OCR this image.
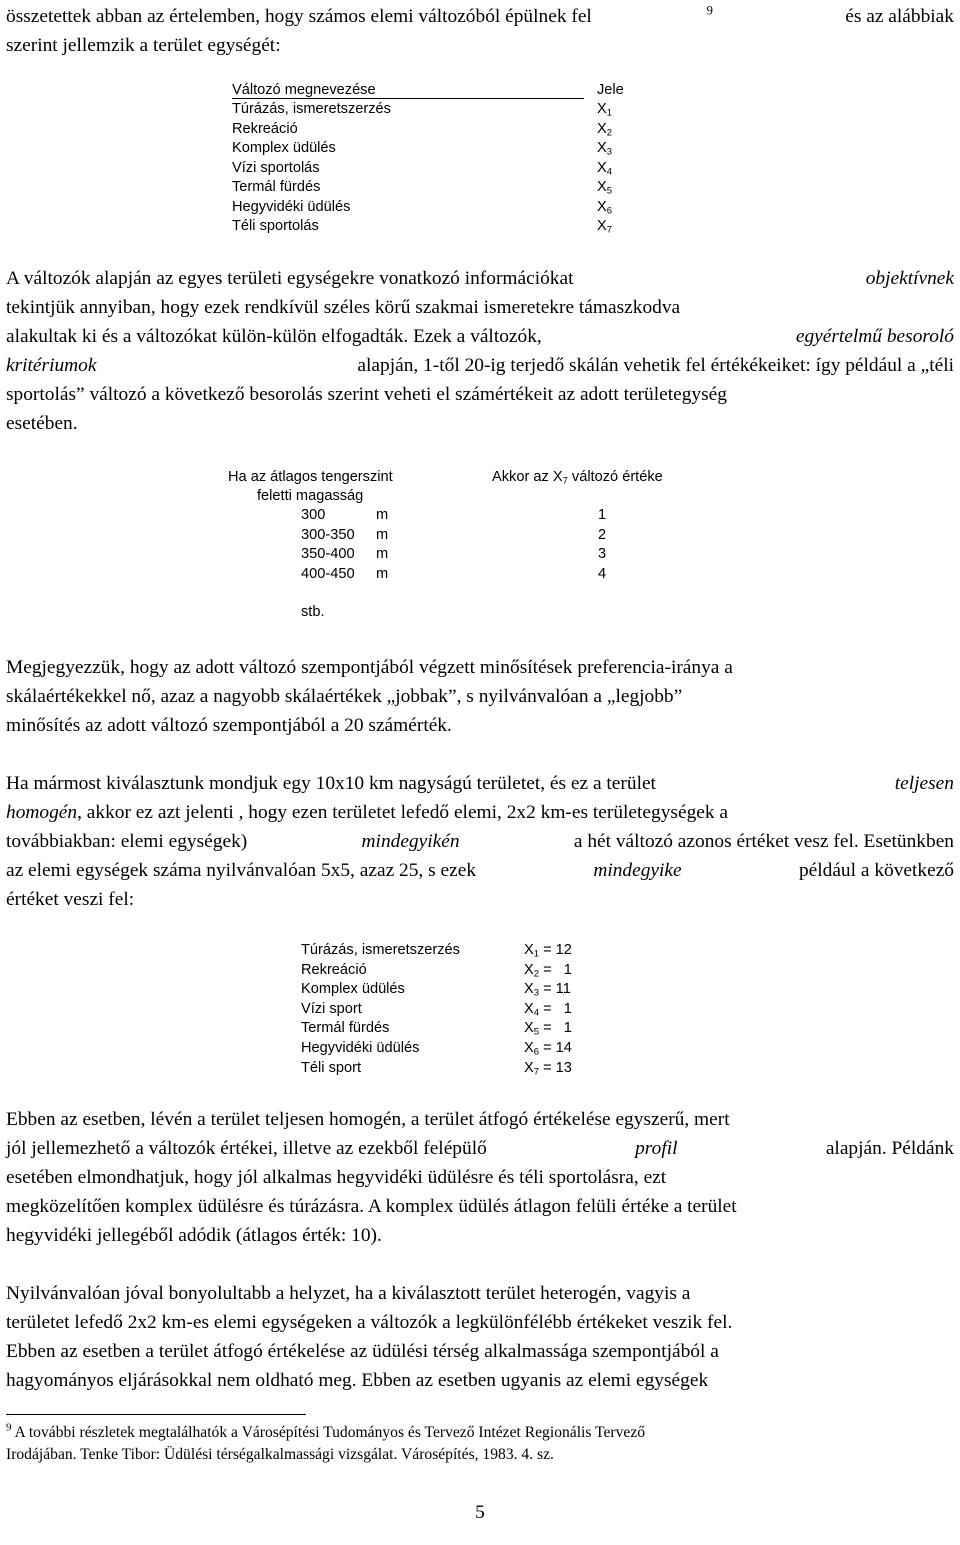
összetettek abban az értelemben, hogy számos elemi változóból épülnek fel	$^9$	és az alábbiak
szerint jellemzik a terület egységét:
Változó megnevezése	Jele
Túrázás, ismeretszerzés	$X_1$
Rekreáció	$X_2$
Komplex üdülés	$X_3$
Vízi sportolás	$X_4$
Termál fürdés	$X_5$
Hegyvidéki üdülés	$X_6$
Téli sportolás	$X_7$
A változók alapján az egyes területi egységekre vonatkozó információkat	objektívnek
tekintjük annyiban, hogy ezek rendkívül széles körű szakmai ismeretekre támaszkodva
alakultak ki és a változókat külön-külön elfogadták. Ezek a változók,	egyértelmű besoroló
kritériumok	alapján, 1-től 20-ig terjedő skálán vehetik fel értékékeiket: így például a „téli
sportolás” változó a következő besorolás szerint veheti el számértékeit az adott területegység
esetében.
Ha az átlagos tengerszint
feletti magasság
Akkor az $X_7$ változó értéke
300	m	1
300-350 m	2
350-400 m	3
400-450 m	4
stb.
Megjegyezzük, hogy az adott változó szempontjából végzett minősítések preferencia-iránya a
skálaértékekkel nő, azaz a nagyobb skálaértékek „jobbak”, s nyilvánvalóan a „legjobb”
minősítés az adott változó szempontjából a 20 számérték.
Ha mármost kiválasztunk mondjuk egy 10x10 km nagyságú területet, és ez a terület	teljesen
homogén, akkor ez azt jelenti , hogy ezen területet lefedő elemi, 2x2 km-es területegységek a
továbbiakban: elemi egységek)	mindegyikén	a hét változó azonos értéket vesz fel. Esetünkben
az elemi egységek száma nyilvánvalóan 5x5, azaz 25, s ezek	mindegyike	például a következő
értéket veszi fel:
Túrázás, ismeretszerzés	$X_1 = 12$
Rekreáció	$X_2 = 1$
Komplex üdülés	$X_3 = 11$
Vízi sport	$X_4 = 1$
Termál fürdés	$X_5 = 1$
Hegyvidéki üdülés	$X_6 = 14$
Téli sport	$X_7 = 13$
Ebben az esetben, lévén a terület teljesen homogén, a terület átfogó értékelése egyszerű, mert
jól jellemezhető a változók értékei, illetve az ezekből felépülő	profil	alapján. Példánk
esetében elmondhatjuk, hogy jól alkalmas hegyvidéki üdülésre és téli sportolásra, ezt
megközelítően komplex üdülésre és túrázásra. A komplex üdülés átlagon felüli értéke a terület
hegyvidéki jellegéből adódik (átlagos érték: 10).
Nyilvánvalóan jóval bonyolultabb a helyzet, ha a kiválasztott terület heterogén, vagyis a
területet lefedő 2x2 km-es elemi egységeken a változók a legkülönfélébb értékeket veszik fel.
Ebben az esetben a terület átfogó értékelése az üdülési térség alkalmassága szempontjából a
hagyományos eljárásokkal nem oldható meg. Ebben az esetben ugyanis az elemi egységek
$^9$ A további részletek megtalálhatók a Városépítési Tudományos és Tervező Intézet Regionális Tervező
Irodájában. Tenke Tibor: Üdülési térségalkalmassági vizsgálat. Városépítés, 1983. 4. sz.
5
